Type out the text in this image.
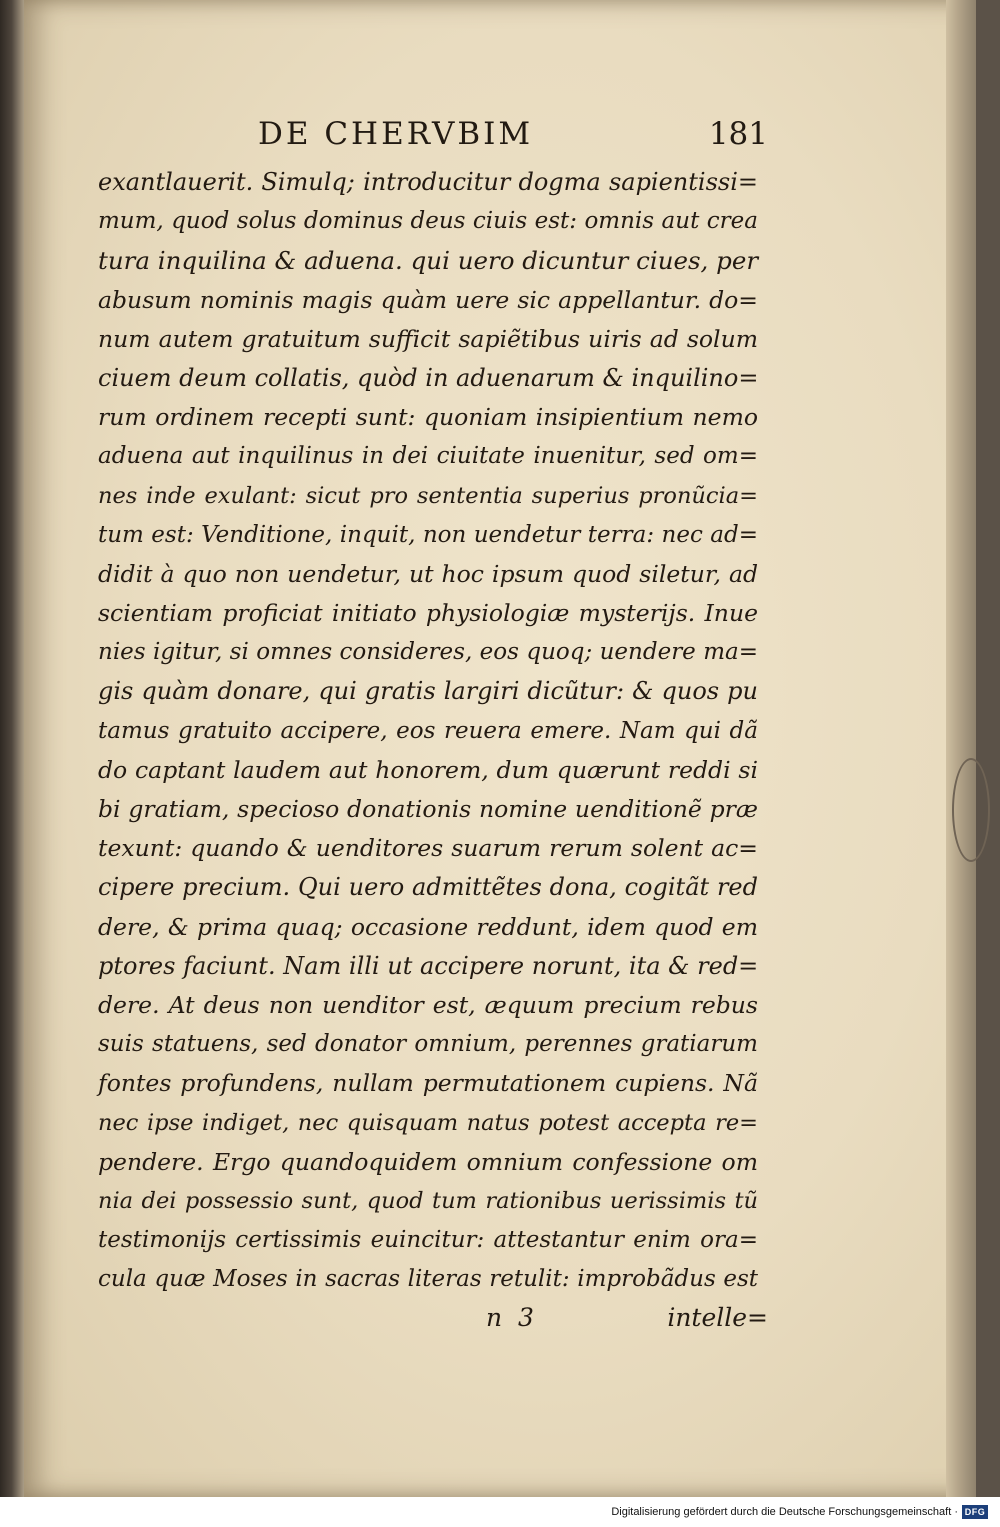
DE CHERVBIM	181
exantlauerit. Simulq; introducitur dogma sapientissi=
mum, quod solus dominus deus ciuis est: omnis aut crea
tura inquilina & aduena. qui uero dicuntur ciues, per
abusum nominis magis quàm uere sic appellantur. do=
num autem gratuitum sufficit sapiẽtibus uiris ad solum
ciuem deum collatis, quòd in aduenarum & inquilino=
rum ordinem recepti sunt: quoniam insipientium nemo
aduena aut inquilinus in dei ciuitate inuenitur, sed om=
nes inde exulant: sicut pro sententia superius pronũcia=
tum est: Venditione, inquit, non uendetur terra: nec ad=
didit à quo non uendetur, ut hoc ipsum quod siletur, ad
scientiam proficiat initiato physiologiæ mysterijs. Inue
nies igitur, si omnes consideres, eos quoq; uendere ma=
gis quàm donare, qui gratis largiri dicũtur: & quos pu
tamus gratuito accipere, eos reuera emere. Nam qui dã
do captant laudem aut honorem, dum quærunt reddi si
bi gratiam, specioso donationis nomine uenditionẽ præ
texunt: quando & uenditores suarum rerum solent ac=
cipere precium. Qui uero admittẽtes dona, cogitãt red
dere, & prima quaq; occasione reddunt, idem quod em
ptores faciunt. Nam illi ut accipere norunt, ita & red=
dere. At deus non uenditor est, æquum precium rebus
suis statuens, sed donator omnium, perennes gratiarum
fontes profundens, nullam permutationem cupiens. Nã
nec ipse indiget, nec quisquam natus potest accepta re=
pendere. Ergo quandoquidem omnium confessione om
nia dei possessio sunt, quod tum rationibus uerissimis tũ
testimonijs certissimis euincitur: attestantur enim ora=
cula quæ Moses in sacras literas retulit: improbãdus est
n 3	intelle=
Digitalisierung gefördert durch die Deutsche Forschungsgemeinschaft · DFG
